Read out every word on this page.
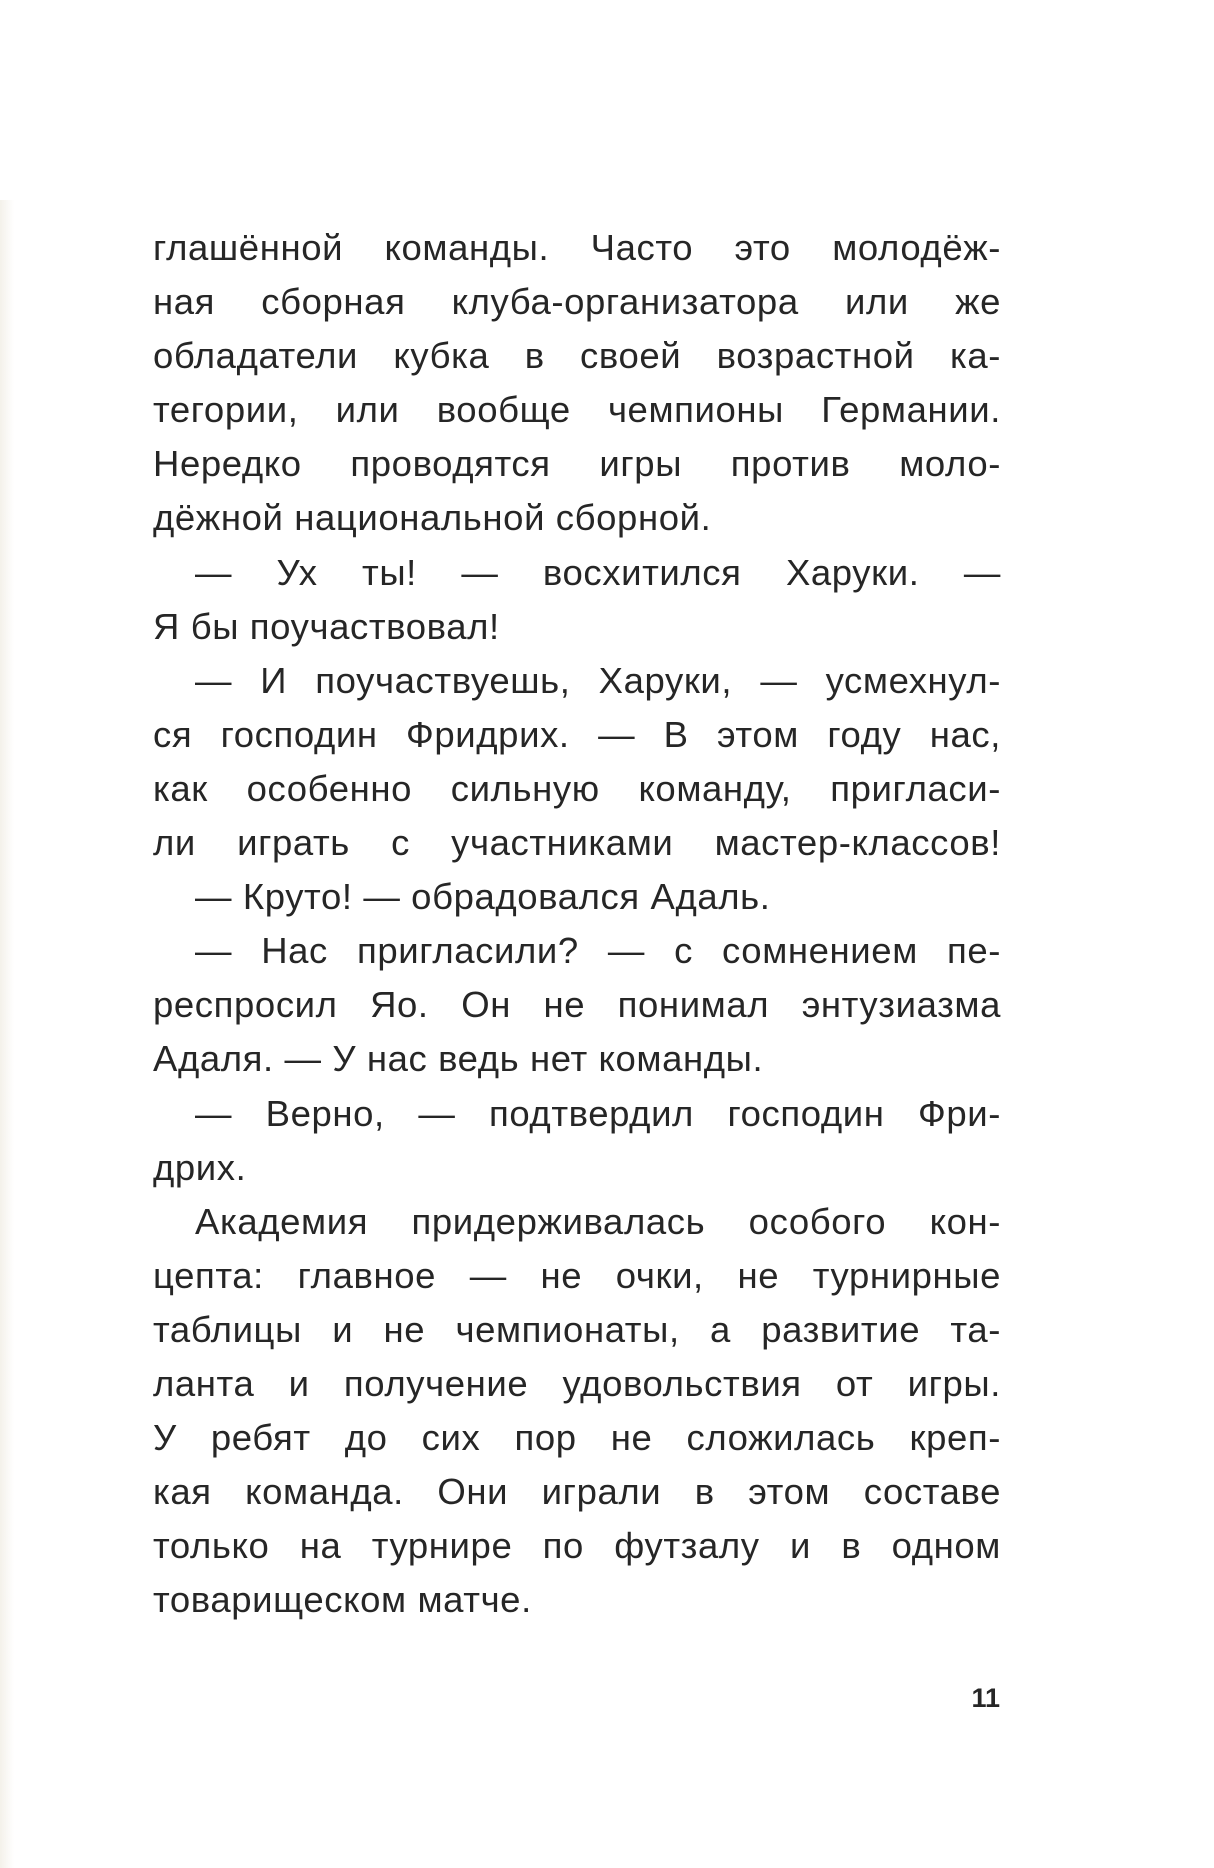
глашённой команды. Часто это молодёж-
ная сборная клуба-организатора или же
обладатели кубка в своей возрастной ка-
тегории, или вообще чемпионы Германии.
Нередко проводятся игры против моло-
дёжной национальной сборной.
— Ух ты! — восхитился Харуки. —
Я бы поучаствовал!
— И поучаствуешь, Харуки, — усмехнул-
ся господин Фридрих. — В этом году нас,
как особенно сильную команду, пригласи-
ли играть с участниками мастер-классов!
— Круто! — обрадовался Адаль.
— Нас пригласили? — с сомнением пе-
респросил Яо. Он не понимал энтузиазма
Адаля. — У нас ведь нет команды.
— Верно, — подтвердил господин Фри-
дрих.
Академия придерживалась особого кон-
цепта: главное — не очки, не турнирные
таблицы и не чемпионаты, а развитие та-
ланта и получение удовольствия от игры.
У ребят до сих пор не сложилась креп-
кая команда. Они играли в этом составе
только на турнире по футзалу и в одном
товарищеском матче.
11
